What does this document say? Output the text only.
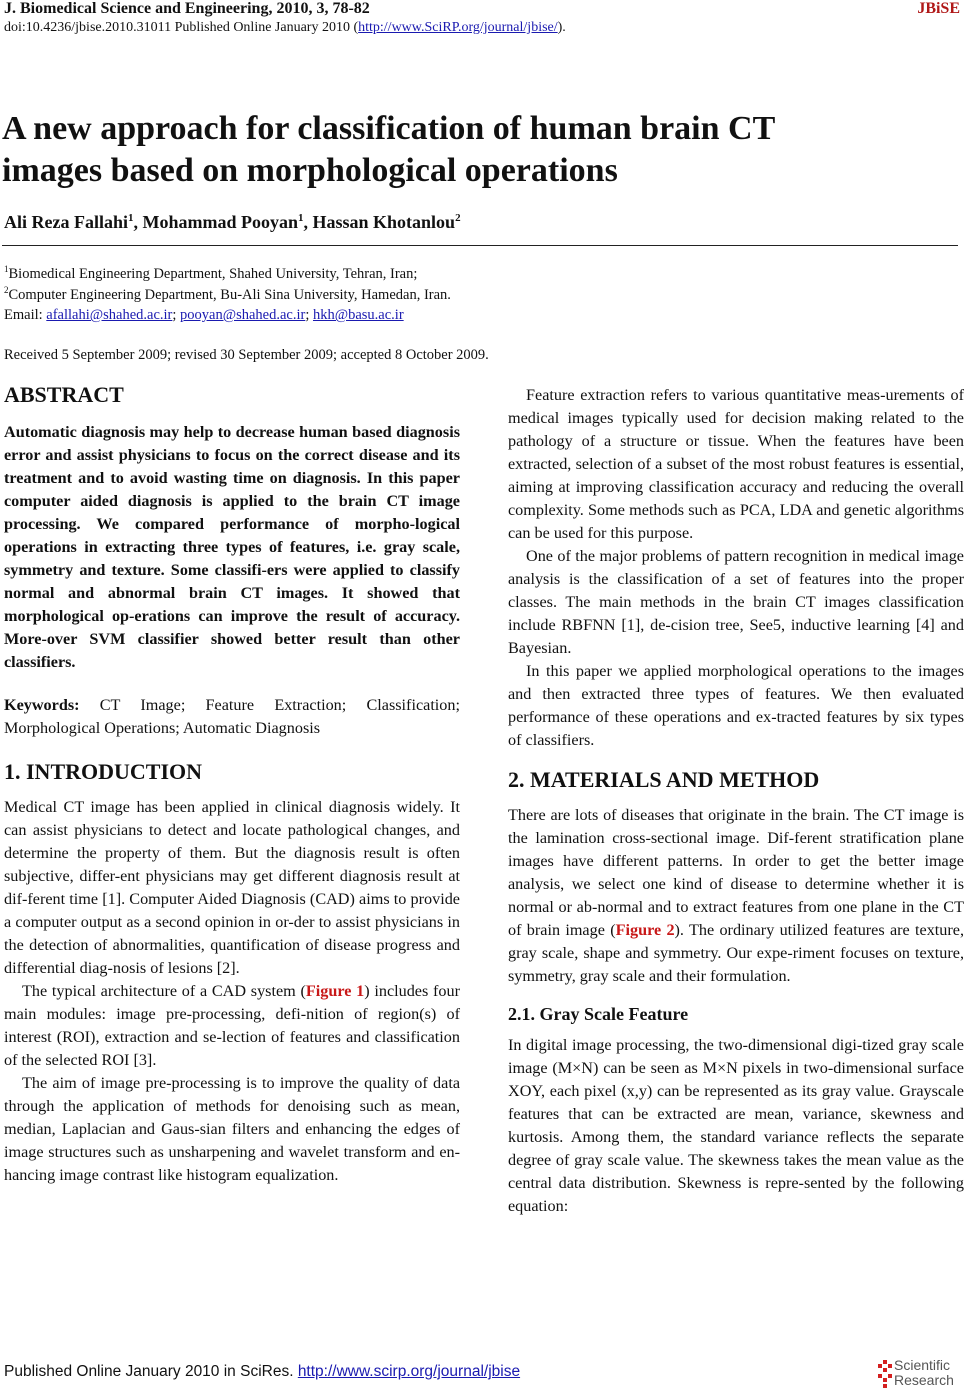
J. Biomedical Science and Engineering, 2010, 3, 78-82	JBiSE
doi:10.4236/jbise.2010.31011 Published Online January 2010 (http://www.SciRP.org/journal/jbise/).
A new approach for classification of human brain CT
images based on morphological operations
Ali Reza Fallahi$^1$, Mohammad Pooyan$^1$, Hassan Khotanlou$^2$
$^1$Biomedical Engineering Department, Shahed University, Tehran, Iran;
$^2$Computer Engineering Department, Bu-Ali Sina University, Hamedan, Iran.
Email: afallahi@shahed.ac.ir; pooyan@shahed.ac.ir; hkh@basu.ac.ir
Received 5 September 2009; revised 30 September 2009; accepted 8 October 2009.
ABSTRACT

Automatic diagnosis may help to decrease human based diagnosis error and assist physicians to focus on the correct disease and its treatment and to avoid wasting time on diagnosis. In this paper computer aided diagnosis is applied to the brain CT image processing. We compared performance of morpho-logical operations in extracting three types of features, i.e. gray scale, symmetry and texture. Some classifi-ers were applied to classify normal and abnormal brain CT images. It showed that morphological op-erations can improve the result of accuracy. More-over SVM classifier showed better result than other classifiers.

Keywords: CT Image; Feature Extraction; Classification; Morphological Operations; Automatic Diagnosis

1. INTRODUCTION

Medical CT image has been applied in clinical diagnosis widely. It can assist physicians to detect and locate pathological changes, and determine the property of them. But the diagnosis result is often subjective, differ-ent physicians may get different diagnosis result at dif-ferent time [1]. Computer Aided Diagnosis (CAD) aims to provide a computer output as a second opinion in or-der to assist physicians in the detection of abnormalities, quantification of disease progress and differential diag-nosis of lesions [2].

The typical architecture of a CAD system (Figure 1) includes four main modules: image pre-processing, defi-nition of region(s) of interest (ROI), extraction and se-lection of features and classification of the selected ROI [3].

The aim of image pre-processing is to improve the quality of data through the application of methods for denoising such as mean, median, Laplacian and Gaus-sian filters and enhancing the edges of image structures such as unsharpening and wavelet transform and en-hancing image contrast like histogram equalization.

Feature extraction refers to various quantitative meas-urements of medical images typically used for decision making related to the pathology of a structure or tissue. When the features have been extracted, selection of a subset of the most robust features is essential, aiming at improving classification accuracy and reducing the overall complexity. Some methods such as PCA, LDA and genetic algorithms can be used for this purpose.

One of the major problems of pattern recognition in medical image analysis is the classification of a set of features into the proper classes. The main methods in the brain CT images classification include RBFNN [1], de-cision tree, See5, inductive learning [4] and Bayesian.

In this paper we applied morphological operations to the images and then extracted three types of features. We then evaluated performance of these operations and ex-tracted features by six types of classifiers.

2. MATERIALS AND METHOD

There are lots of diseases that originate in the brain. The CT image is the lamination cross-sectional image. Dif-ferent stratification plane images have different patterns. In order to get the better image analysis, we select one kind of disease to determine whether it is normal or ab-normal and to extract features from one plane in the CT of brain image (Figure 2). The ordinary utilized features are texture, gray scale, shape and symmetry. Our expe-riment focuses on texture, symmetry, gray scale and their formulation.

2.1. Gray Scale Feature

In digital image processing, the two-dimensional digi-tized gray scale image (M×N) can be seen as M×N pixels in two-dimensional surface XOY, each pixel (x,y) can be represented as its gray value. Grayscale features that can be extracted are mean, variance, skewness and kurtosis. Among them, the standard variance reflects the separate degree of gray scale value. The skewness takes the mean value as the central data distribution. Skewness is repre-sented by the following equation:

Published Online January 2010 in SciRes. http://www.scirp.org/journal/jbise	Scientific
Research
